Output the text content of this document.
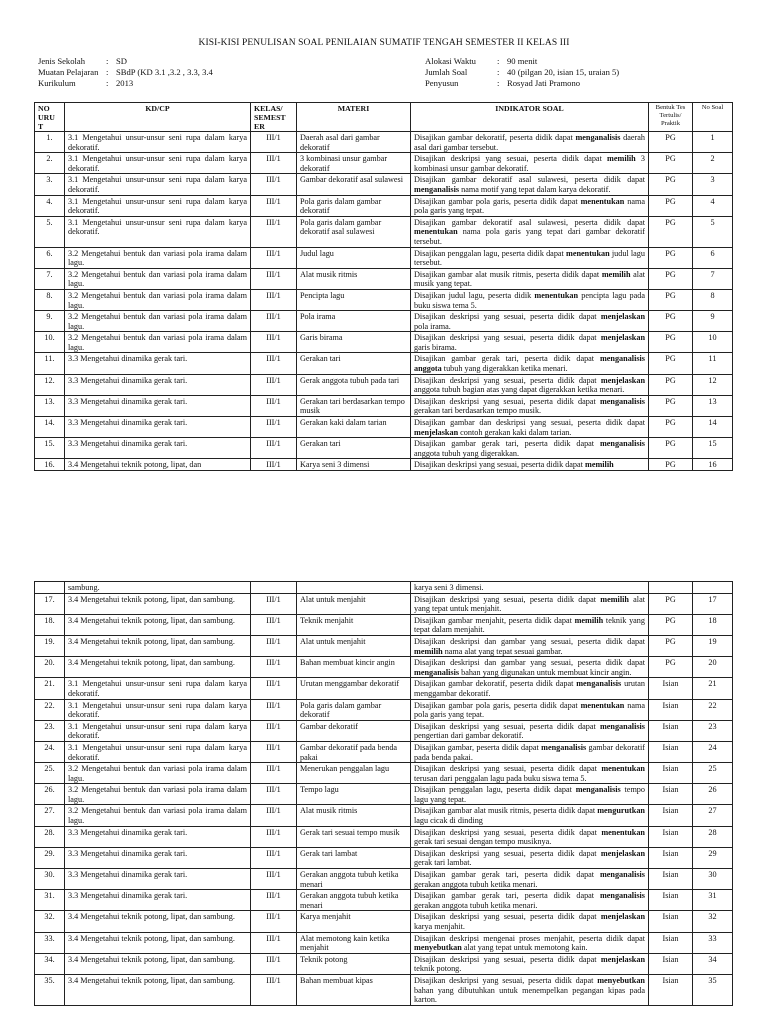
KISI-KISI PENULISAN SOAL PENILAIAN SUMATIF TENGAH SEMESTER II KELAS III
Jenis Sekolah	: SD
Muatan Pelajaran : SBdP (KD 3.1 ,3.2 , 3.3, 3.4
Kurikulum	: 2013
Alokasi Waktu	: 90 menit
Jumlah Soal	: 40 (pilgan 20, isian 15, uraian 5)
Penyusun	: Rosyad Jati Pramono
NO URU T	KD/CP	KELAS/ SEMEST ER	MATERI	INDIKATOR SOAL	Bentuk Tes Tertulis/ Praktik	No Soal
1.	3.1 Mengetahui unsur-unsur seni rupa dalam karya dekoratif.	III/1	Daerah asal dari gambar dekoratif	Disajikan gambar dekoratif, peserta didik dapat menganalisis daerah asal dari gambar tersebut.	PG	1
2.	3.1 Mengetahui unsur-unsur seni rupa dalam karya dekoratif.	III/1	3 kombinasi unsur gambar dekoratif	Disajikan deskripsi yang sesuai, peserta didik dapat memilih 3 kombinasi unsur gambar dekoratif.	PG	2
3.	3.1 Mengetahui unsur-unsur seni rupa dalam karya dekoratif.	III/1	Gambar dekoratif asal sulawesi	Disajikan gambar dekoratif asal sulawesi, peserta didik dapat menganalisis nama motif yang tepat dalam karya dekoratif.	PG	3
4.	3.1 Mengetahui unsur-unsur seni rupa dalam karya dekoratif.	III/1	Pola garis dalam gambar dekoratif	Disajikan gambar pola garis, peserta didik dapat menentukan nama pola garis yang tepat.	PG	4
5.	3.1 Mengetahui unsur-unsur seni rupa dalam karya dekoratif.	III/1	Pola garis dalam gambar dekoratif asal sulawesi	Disajikan gambar dekoratif asal sulawesi, peserta didik dapat menentukan nama pola garis yang tepat dari gambar dekoratif tersebut.	PG	5
6.	3.2 Mengetahui bentuk dan variasi pola irama dalam lagu.	III/1	Judul lagu	Disajikan penggalan lagu, peserta didik dapat menentukan judul lagu tersebut.	PG	6
7.	3.2 Mengetahui bentuk dan variasi pola irama dalam lagu.	III/1	Alat musik ritmis	Disajikan gambar alat musik ritmis, peserta didik dapat memilih alat musik yang tepat.	PG	7
8.	3.2 Mengetahui bentuk dan variasi pola irama dalam lagu.	III/1	Pencipta lagu	Disajikan judul lagu, peserta didik menentukan pencipta lagu pada buku siswa tema 5.	PG	8
9.	3.2 Mengetahui bentuk dan variasi pola irama dalam lagu.	III/1	Pola irama	Disajikan deskripsi yang sesuai, peserta didik dapat menjelaskan pola irama.	PG	9
10.	3.2 Mengetahui bentuk dan variasi pola irama dalam lagu.	III/1	Garis birama	Disajikan deskripsi yang sesuai, peserta didik dapat menjelaskan garis birama.	PG	10
11.	3.3 Mengetahui dinamika gerak tari.	III/1	Gerakan tari	Disajikan gambar gerak tari, peserta didik dapat menganalisis anggota tubuh yang digerakkan ketika menari.	PG	11
12.	3.3 Mengetahui dinamika gerak tari.	III/1	Gerak anggota tubuh pada tari	Disajikan deskripsi yang sesuai, peserta didik dapat menjelaskan anggota tubuh bagian atas yang dapat digerakkan ketika menari.	PG	12
13.	3.3 Mengetahui dinamika gerak tari.	III/1	Gerakan tari berdasarkan tempo musik	Disajikan deskripsi yang sesuai, peserta didik dapat menganalisis gerakan tari berdasarkan tempo musik.	PG	13
14.	3.3 Mengetahui dinamika gerak tari.	III/1	Gerakan kaki dalam tarian	Disajikan gambar dan deskripsi yang sesuai, peserta didik dapat menjelaskan contoh gerakan kaki dalam tarian.	PG	14
15.	3.3 Mengetahui dinamika gerak tari.	III/1	Gerakan tari	Disajikan gambar gerak tari, peserta didik dapat menganalisis anggota tubuh yang digerakkan.	PG	15
16.	3.4 Mengetahui teknik potong, lipat, dan	III/1	Karya seni 3 dimensi	Disajikan deskripsi yang sesuai, peserta didik dapat memilih	PG	16
	sambung.			karya seni 3 dimensi.		
17.	3.4 Mengetahui teknik potong, lipat, dan sambung.	III/1	Alat untuk menjahit	Disajikan deskripsi yang sesuai, peserta didik dapat memilih alat yang tepat untuk menjahit.	PG	17
18.	3.4 Mengetahui teknik potong, lipat, dan sambung.	III/1	Teknik menjahit	Disajikan gambar menjahit, peserta didik dapat memilih teknik yang tepat dalam menjahit.	PG	18
19.	3.4 Mengetahui teknik potong, lipat, dan sambung.	III/1	Alat untuk menjahit	Disajikan deskripsi dan gambar yang sesuai, peserta didik dapat memilih nama alat yang tepat sesuai gambar.	PG	19
20.	3.4 Mengetahui teknik potong, lipat, dan sambung.	III/1	Bahan membuat kincir angin	Disajikan deskripsi dan gambar yang sesuai, peserta didik dapat menganalisis bahan yang digunakan untuk membuat kincir angin.	PG	20
21.	3.1 Mengetahui unsur-unsur seni rupa dalam karya dekoratif.	III/1	Urutan menggambar dekoratif	Disajikan gambar dekoratif, peserta didik dapat menganalisis urutan menggambar dekoratif.	Isian	21
22.	3.1 Mengetahui unsur-unsur seni rupa dalam karya dekoratif.	III/1	Pola garis dalam gambar dekoratif	Disajikan gambar pola garis, peserta didik dapat menentukan nama pola garis yang tepat.	Isian	22
23.	3.1 Mengetahui unsur-unsur seni rupa dalam karya dekoratif.	III/1	Gambar dekoratif	Disajikan deskripsi yang sesuai, peserta didik dapat menganalisis pengertian dari gambar dekoratif.	Isian	23
24.	3.1 Mengetahui unsur-unsur seni rupa dalam karya dekoratif.	III/1	Gambar dekoratif pada benda pakai	Disajikan gambar, peserta didik dapat menganalisis gambar dekoratif pada benda pakai.	Isian	24
25.	3.2 Mengetahui bentuk dan variasi pola irama dalam lagu.	III/1	Menerukan penggalan lagu	Disajikan deskripsi yang sesuai, peserta didik dapat menentukan terusan dari penggalan lagu pada buku siswa tema 5.	Isian	25
26.	3.2 Mengetahui bentuk dan variasi pola irama dalam lagu.	III/1	Tempo lagu	Disajikan penggalan lagu, peserta didik dapat menganalisis tempo lagu yang tepat.	Isian	26
27.	3.2 Mengetahui bentuk dan variasi pola irama dalam lagu.	III/1	Alat musik ritmis	Disajikan gambar alat musik ritmis, peserta didik dapat mengurutkan lagu cicak di dinding	Isian	27
28.	3.3 Mengetahui dinamika gerak tari.	III/1	Gerak tari sesuai tempo musik	Disajikan deskripsi yang sesuai, peserta didik dapat menentukan gerak tari sesuai dengan tempo musiknya.	Isian	28
29.	3.3 Mengetahui dinamika gerak tari.	III/1	Gerak tari lambat	Disajikan deskripsi yang sesuai, peserta didik dapat menjelaskan gerak tari lambat.	Isian	29
30.	3.3 Mengetahui dinamika gerak tari.	III/1	Gerakan anggota tubuh ketika menari	Disajikan gambar gerak tari, peserta didik dapat menganalisis gerakan anggota tubuh ketika menari.	Isian	30
31.	3.3 Mengetahui dinamika gerak tari.	III/1	Gerakan anggota tubuh ketika menari	Disajikan gambar gerak tari, peserta didik dapat menganalisis gerakan anggota tubuh ketika menari.	Isian	31
32.	3.4 Mengetahui teknik potong, lipat, dan sambung.	III/1	Karya menjahit	Disajikan deskripsi yang sesuai, peserta didik dapat menjelaskan karya menjahit.	Isian	32
33.	3.4 Mengetahui teknik potong, lipat, dan sambung.	III/1	Alat memotong kain ketika menjahit	Disajikan deskripsi mengenai proses menjahit, peserta didik dapat menyebutkan alat yang tepat untuk memotong kain.	Isian	33
34.	3.4 Mengetahui teknik potong, lipat, dan sambung.	III/1	Teknik potong	Disajikan deskripsi yang sesuai, peserta didik dapat menjelaskan teknik potong.	Isian	34
35.	3.4 Mengetahui teknik potong, lipat, dan sambung.	III/1	Bahan membuat kipas	Disajikan deskripsi yang sesuai, peserta didik dapat menyebutkan bahan yang dibutuhkan untuk menempelkan pegangan kipas pada karton.	Isian	35
